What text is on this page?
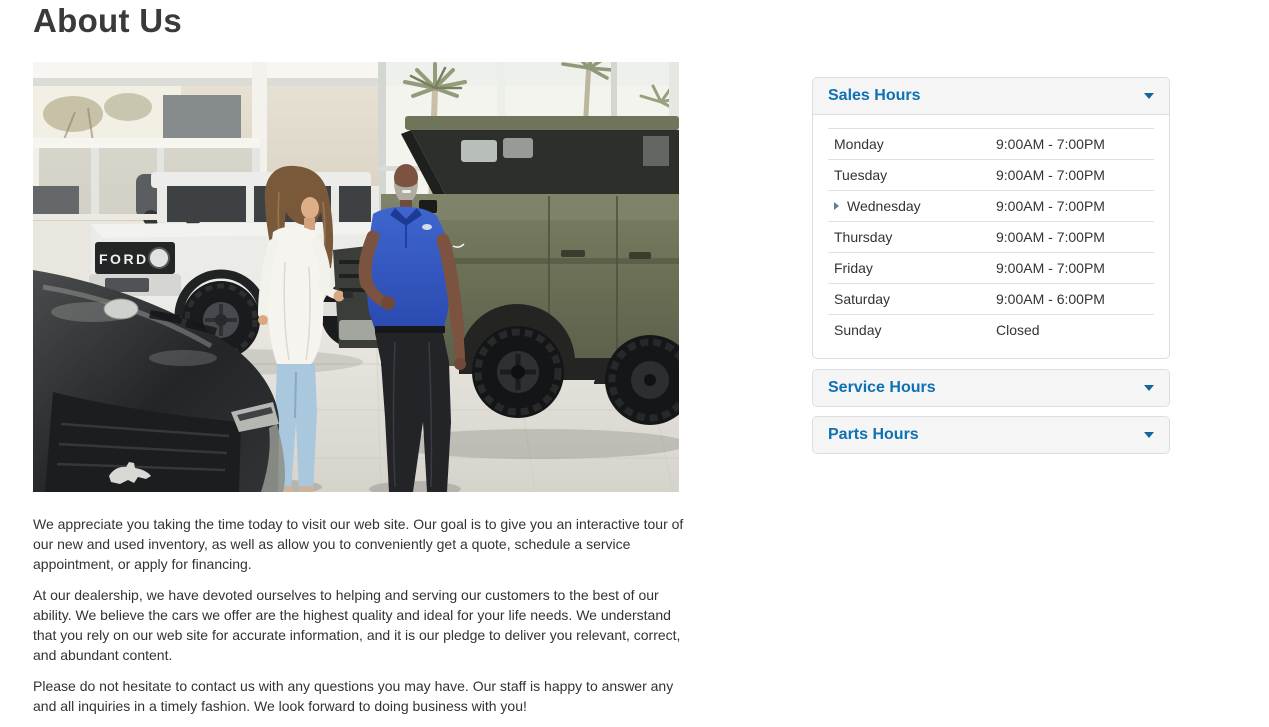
About Us
FORD

We appreciate you taking the time today to visit our web site. Our goal is to give you an interactive tour of our new and used inventory, as well as allow you to conveniently get a quote, schedule a service appointment, or apply for financing.

At our dealership, we have devoted ourselves to helping and serving our customers to the best of our ability. We believe the cars we offer are the highest quality and ideal for your life needs. We understand that you rely on our web site for accurate information, and it is our pledge to deliver you relevant, correct, and abundant content.

Please do not hesitate to contact us with any questions you may have. Our staff is happy to answer any and all inquiries in a timely fashion. We look forward to doing business with you!

Sales Hours
Monday	9:00AM - 7:00PM
Tuesday	9:00AM - 7:00PM
Wednesday	9:00AM - 7:00PM
Thursday	9:00AM - 7:00PM
Friday	9:00AM - 7:00PM
Saturday	9:00AM - 6:00PM
Sunday	Closed
Service Hours
Parts Hours
